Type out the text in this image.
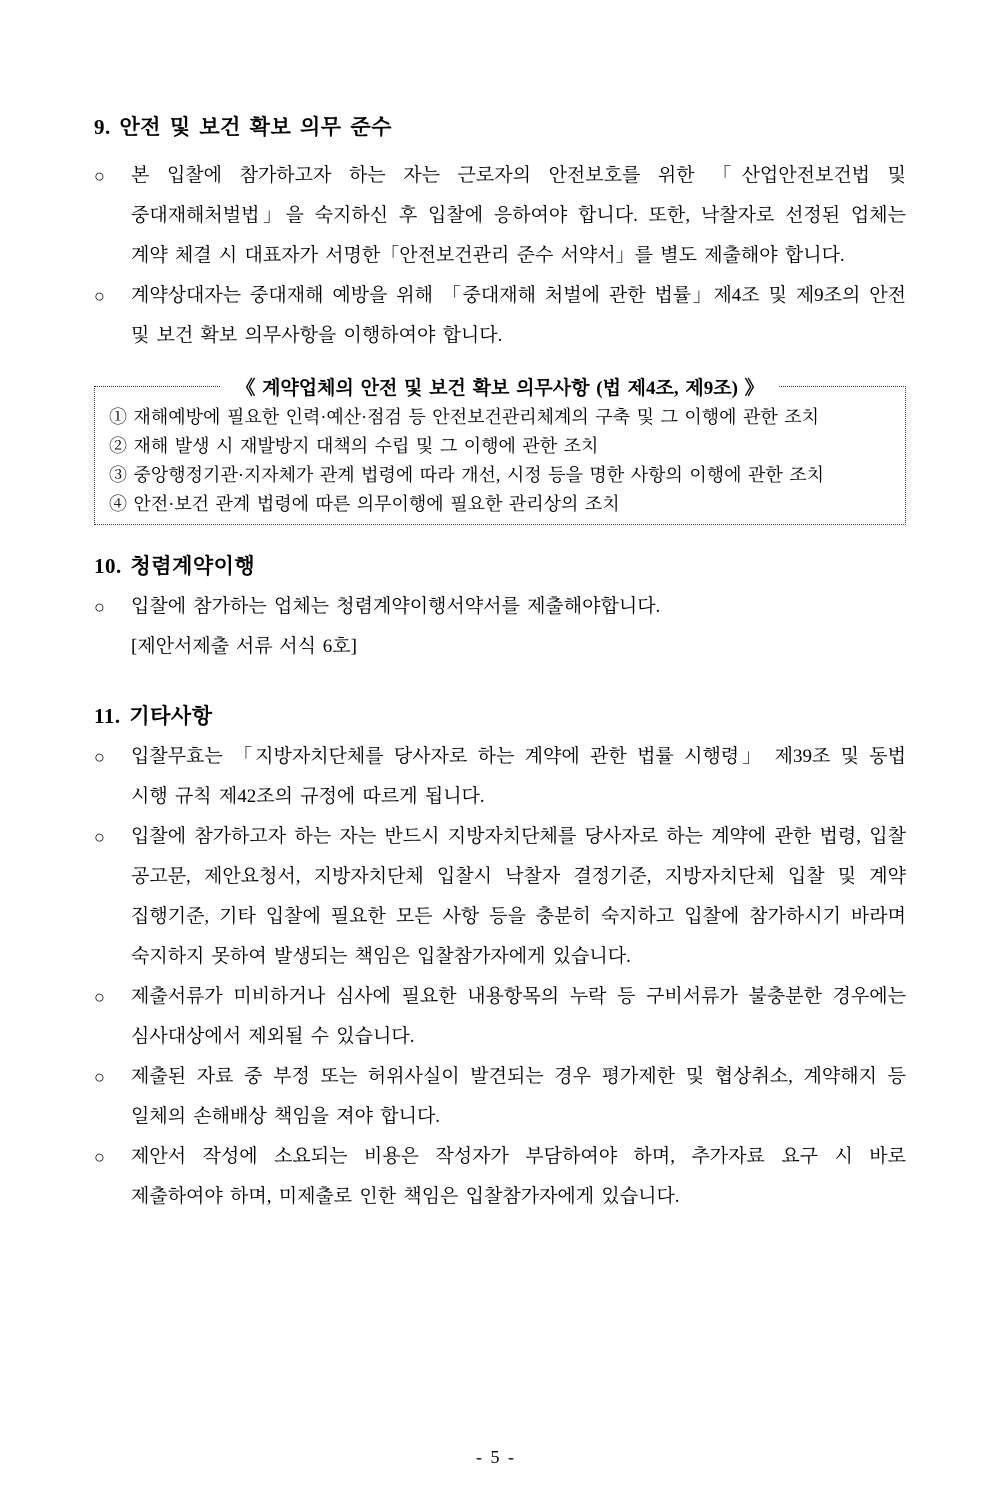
9. 안전 및 보건 확보 의무 준수
○	본 입찰에 참가하고자 하는 자는 근로자의 안전보호를 위한 「산업안전보건법 및 중대재해처벌법」을 숙지하신 후 입찰에 응하여야 합니다. 또한, 낙찰자로 선정된 업체는 계약 체결 시 대표자가 서명한「안전보건관리 준수 서약서」를 별도 제출해야 합니다.

○	계약상대자는 중대재해 예방을 위해 「중대재해 처벌에 관한 법률」제4조 및 제9조의 안전 및 보건 확보 의무사항을 이행하여야 합니다.

《 계약업체의 안전 및 보건 확보 의무사항 (법 제4조, 제9조) 》
① 재해예방에 필요한 인력·예산·점검 등 안전보건관리체계의 구축 및 그 이행에 관한 조치
② 재해 발생 시 재발방지 대책의 수립 및 그 이행에 관한 조치
③ 중앙행정기관·지자체가 관계 법령에 따라 개선, 시정 등을 명한 사항의 이행에 관한 조치
④ 안전·보건 관계 법령에 따른 의무이행에 필요한 관리상의 조치
10. 청렴계약이행
○	입찰에 참가하는 업체는 청렴계약이행서약서를 제출해야합니다.

[제안서제출 서류 서식 6호]

11. 기타사항
○	입찰무효는 「지방자치단체를 당사자로 하는 계약에 관한 법률 시행령」 제39조 및 동법 시행 규칙 제42조의 규정에 따르게 됩니다.

○	입찰에 참가하고자 하는 자는 반드시 지방자치단체를 당사자로 하는 계약에 관한 법령, 입찰 공고문, 제안요청서, 지방자치단체 입찰시 낙찰자 결정기준, 지방자치단체 입찰 및 계약 집행기준, 기타 입찰에 필요한 모든 사항 등을 충분히 숙지하고 입찰에 참가하시기 바라며 숙지하지 못하여 발생되는 책임은 입찰참가자에게 있습니다.

○	제출서류가 미비하거나 심사에 필요한 내용항목의 누락 등 구비서류가 불충분한 경우에는 심사대상에서 제외될 수 있습니다.

○	제출된 자료 중 부정 또는 허위사실이 발견되는 경우 평가제한 및 협상취소, 계약해지 등 일체의 손해배상 책임을 져야 합니다.

○	제안서 작성에 소요되는 비용은 작성자가 부담하여야 하며, 추가자료 요구 시 바로 제출하여야 하며, 미제출로 인한 책임은 입찰참가자에게 있습니다.

- 5 -
